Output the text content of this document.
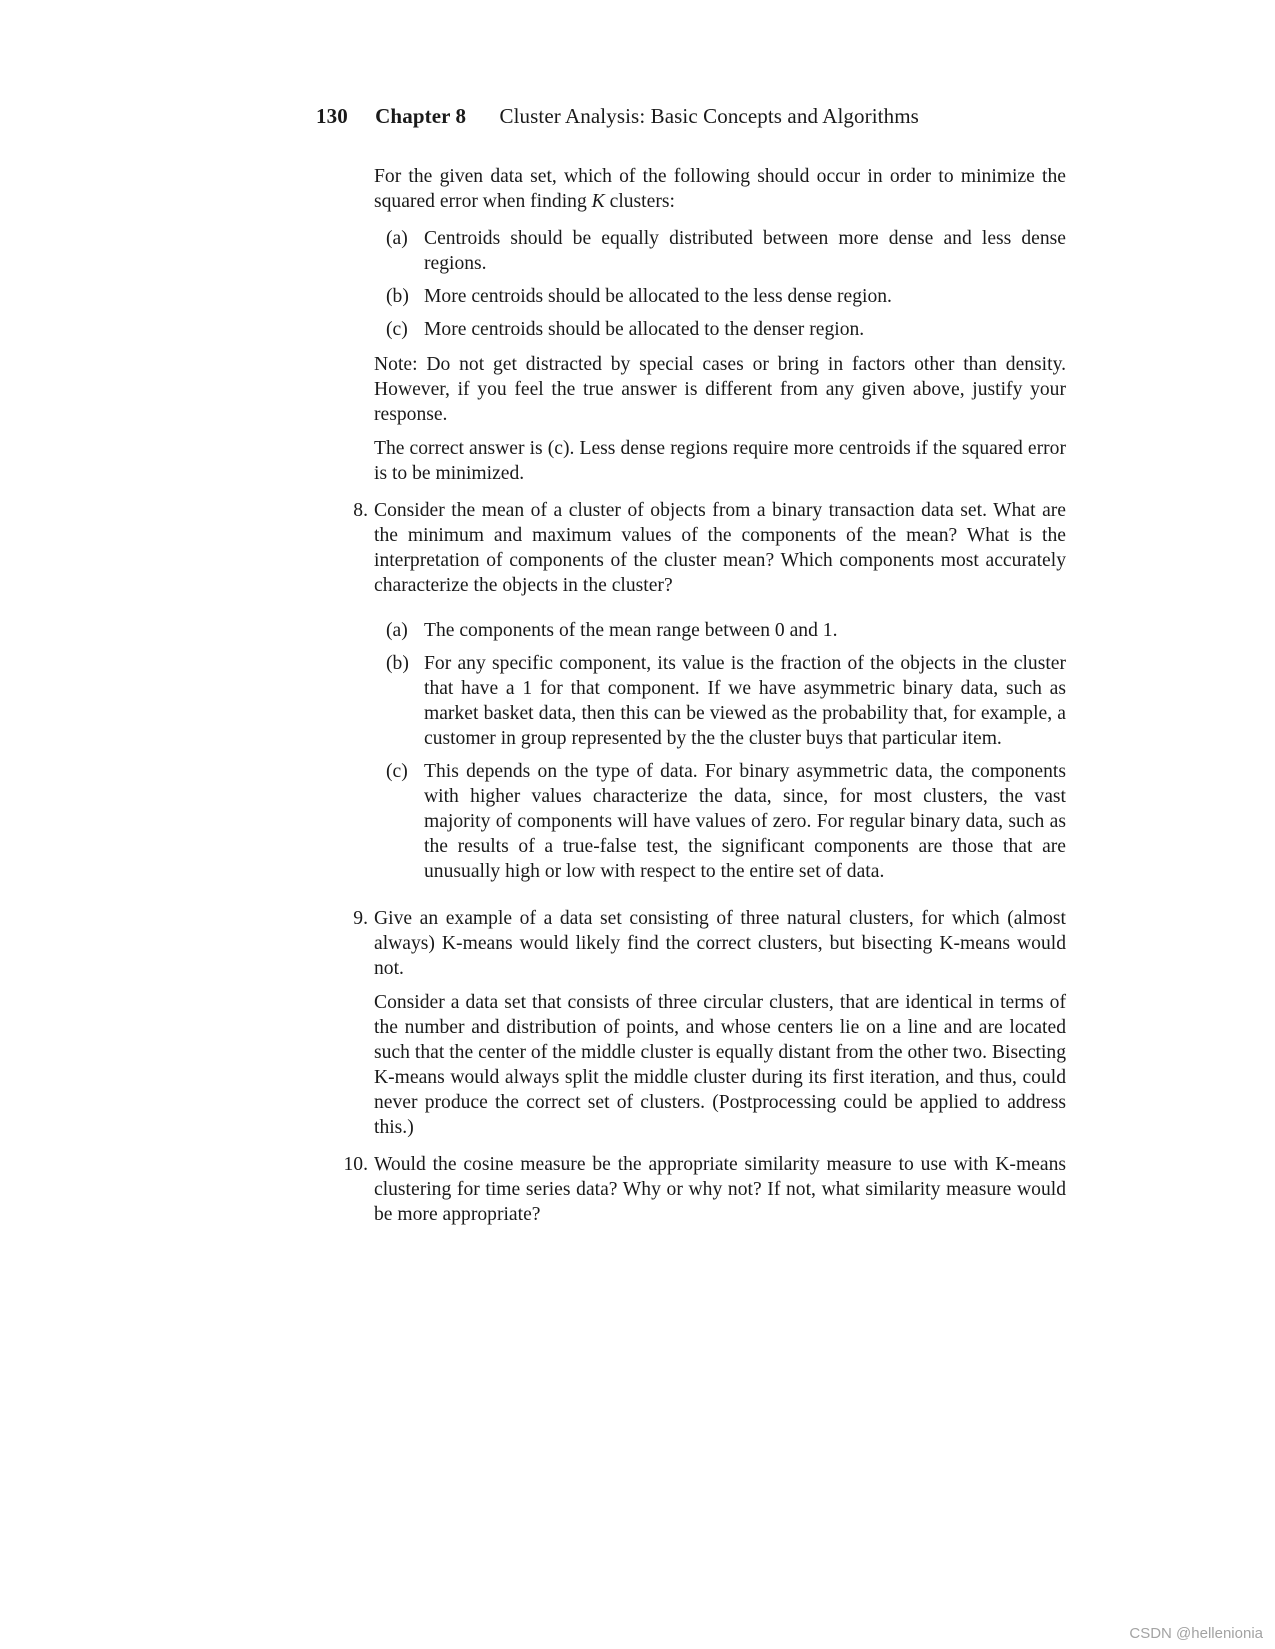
130 Chapter 8 Cluster Analysis: Basic Concepts and Algorithms

For the given data set, which of the following should occur in order to minimize the squared error when finding K clusters:

(a) Centroids should be equally distributed between more dense and less dense regions.
(b) More centroids should be allocated to the less dense region.
(c) More centroids should be allocated to the denser region.

Note: Do not get distracted by special cases or bring in factors other than density. However, if you feel the true answer is different from any given above, justify your response.

The correct answer is (c). Less dense regions require more centroids if the squared error is to be minimized.

8. Consider the mean of a cluster of objects from a binary transaction data set. What are the minimum and maximum values of the components of the mean? What is the interpretation of components of the cluster mean? Which components most accurately characterize the objects in the cluster?

(a) The components of the mean range between 0 and 1.
(b) For any specific component, its value is the fraction of the objects in the cluster that have a 1 for that component. If we have asymmetric binary data, such as market basket data, then this can be viewed as the probability that, for example, a customer in group represented by the the cluster buys that particular item.
(c) This depends on the type of data. For binary asymmetric data, the components with higher values characterize the data, since, for most clusters, the vast majority of components will have values of zero. For regular binary data, such as the results of a true-false test, the significant components are those that are unusually high or low with respect to the entire set of data.
9. Give an example of a data set consisting of three natural clusters, for which (almost always) K-means would likely find the correct clusters, but bisecting K-means would not.

Consider a data set that consists of three circular clusters, that are identical in terms of the number and distribution of points, and whose centers lie on a line and are located such that the center of the middle cluster is equally distant from the other two. Bisecting K-means would always split the middle cluster during its first iteration, and thus, could never produce the correct set of clusters. (Postprocessing could be applied to address this.)

10. Would the cosine measure be the appropriate similarity measure to use with K-means clustering for time series data? Why or why not? If not, what similarity measure would be more appropriate?

CSDN @hellenionia
